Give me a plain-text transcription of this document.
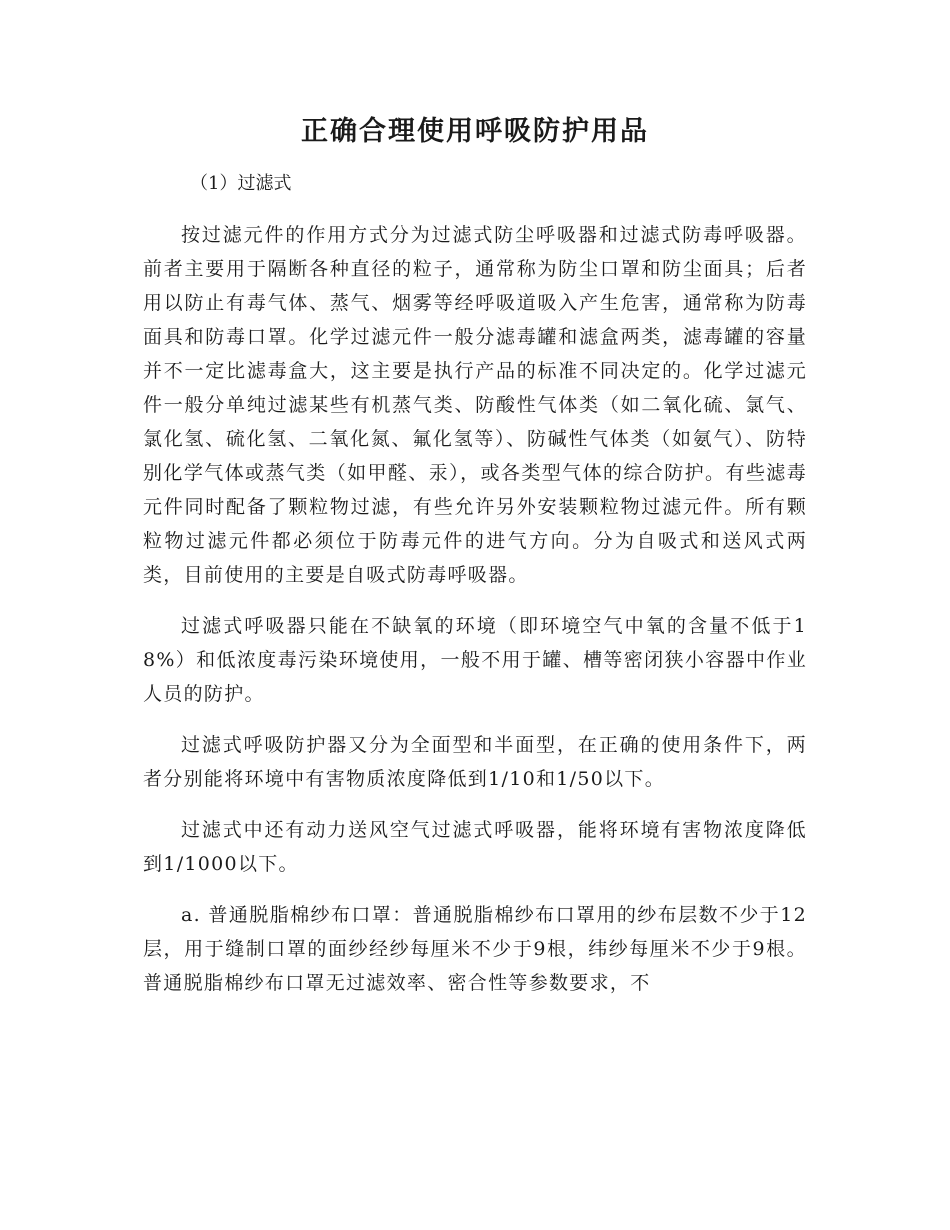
正确合理使用呼吸防护用品

（1）过滤式

按过滤元件的作用方式分为过滤式防尘呼吸器和过滤式防毒呼吸器。前者主要用于隔断各种直径的粒子，通常称为防尘口罩和防尘面具；后者用以防止有毒气体、蒸气、烟雾等经呼吸道吸入产生危害，通常称为防毒面具和防毒口罩。化学过滤元件一般分滤毒罐和滤盒两类，滤毒罐的容量并不一定比滤毒盒大，这主要是执行产品的标准不同决定的。化学过滤元件一般分单纯过滤某些有机蒸气类、防酸性气体类（如二氧化硫、氯气、氯化氢、硫化氢、二氧化氮、氟化氢等）、防碱性气体类（如氨气）、防特别化学气体或蒸气类（如甲醛、汞），或各类型气体的综合防护。有些滤毒元件同时配备了颗粒物过滤，有些允许另外安装颗粒物过滤元件。所有颗粒物过滤元件都必须位于防毒元件的进气方向。分为自吸式和送风式两类，目前使用的主要是自吸式防毒呼吸器。

过滤式呼吸器只能在不缺氧的环境（即环境空气中氧的含量不低于18%）和低浓度毒污染环境使用，一般不用于罐、槽等密闭狭小容器中作业人员的防护。

过滤式呼吸防护器又分为全面型和半面型，在正确的使用条件下，两者分别能将环境中有害物质浓度降低到1/10和1/50以下。

过滤式中还有动力送风空气过滤式呼吸器，能将环境有害物浓度降低到1/1000以下。

a. 普通脱脂棉纱布口罩：普通脱脂棉纱布口罩用的纱布层数不少于12层，用于缝制口罩的面纱经纱每厘米不少于9根，纬纱每厘米不少于9根。普通脱脂棉纱布口罩无过滤效率、密合性等参数要求，不
